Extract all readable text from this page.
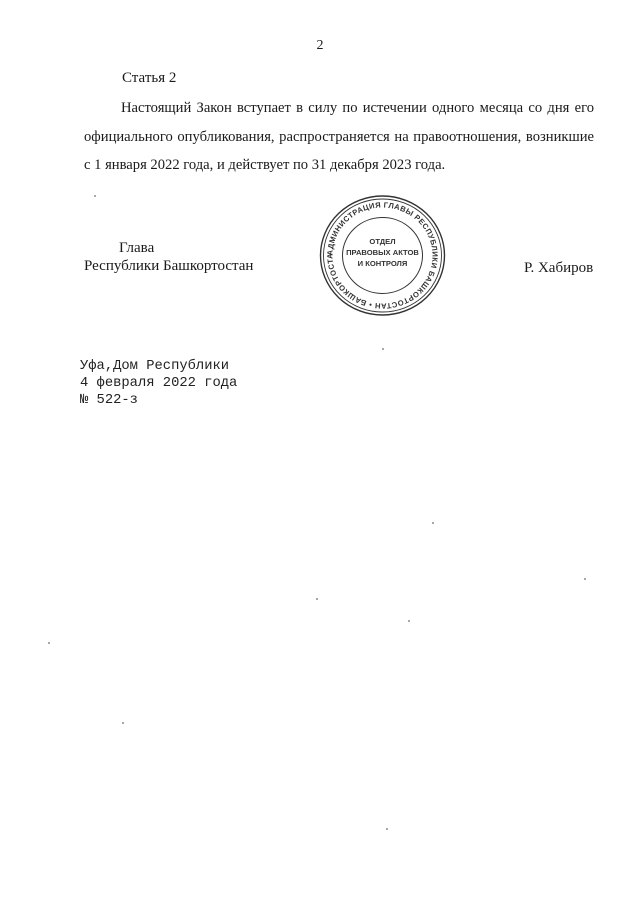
2
Статья 2

Настоящий Закон вступает в силу по истечении одного месяца со дня его официального опубликования, распространяется на правоотношения, возникшие с 1 января 2022 года, и действует по 31 декабря 2023 года.

Глава
Республики Башкортостан	Р. Хабиров
АДМИНИСТРАЦИЯ ГЛАВЫ РЕСПУБЛИКИ БАШКОРТОСТАН • БАШКОРТОСТА
ОТДЕЛ
ПРАВОВЫХ АКТОВ
И КОНТРОЛЯ
Уфа,Дом Республики
4 февраля 2022 года
№ 522-з
